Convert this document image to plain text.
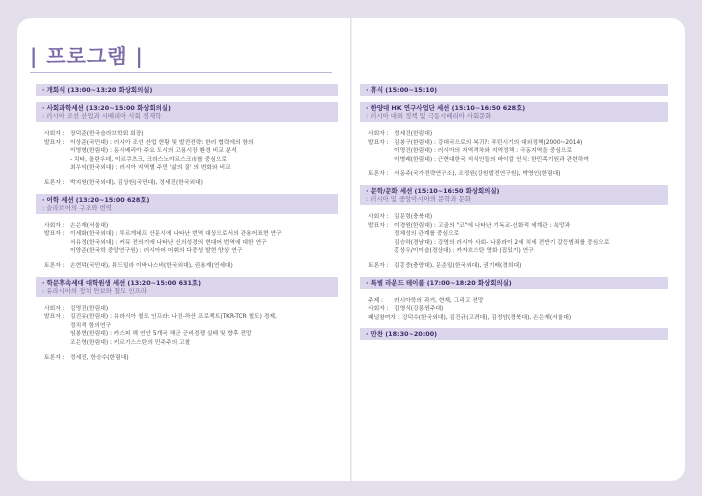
| 프로그램 |
· 개회식 (13:00~13:20 화상회의실)
· 사회과학세션 (13:20~15:00 화상회의실)
: 러시아 조선 산업과 시베리아 사회 경제학
사회자 : 장덕준(한국슬라브학회 회장)
발표자 : 이상준(국민대) : 러시아 조선 산업 현황 및 발전전략: 한러 협력에의 함의
이영형(한림대) : 동시베리아 주요 도시의 고용시장 환경 비교 분석
- 치타, 울란우데, 이르쿠츠크, 크라스노야르스크市를 중심으로
최우익(한국외대) : 러시아 지역별 주민 '삶의 질' 의 변화와 비교
토론자 : 박지원(한국외대), 김상원(국민대), 정세진(한국외대)
· 어학 세션 (13:20~15:00 628호)
: 슬라브어의 구조와 번역
사회자 : 손은재(서울대)
발표자 : 이세화(한국외대) : 투르게네프 산문시에 나타난 번역 대상으로서의 관용어표현 연구
서유정(한국외대) : 커뮤 전의기에 나타난 신의성경의 현대어 번역에 대한 연구
이양준(한국학 중앙연구원) : 러시아어 어휘의 다중성 발현 양상 연구
토론자 : 손현덕(국민대), 류드밀라 이바나스비(한국외대), 권용재(연세대)
· 학문후속세대 대학원생 세션 (13:20~15:00 631호)
: 유라시아의 정치 안보와 철도 인프라
사회자 : 김영진(한림대)
발표자 : 김진유(한림대) : 유라시아 철도 인프라: 나진-하산 프로젝트(TKR-TCR 철도) 경제,
정치적 함의연구
임봉현(한림대) : 카스피 해 연안 5개국 해군 군비경쟁 실태 및 향후 전망
조은영(한림대) : 키르기스스탄의 민주주의 고찰
토론자 : 정세진, 한승수(한림대)
· 휴식 (15:00~15:10)
· 한양대 HK 연구사업단 세션 (15:10~16:50 628호)
: 러시아 대외 정책 및 극동시베리아 사회문화
사회자 : 정세진(한림대)
발표자 : 김봉구(한림대) : 강대국으로의 복귀?: 푸틴시기의 대외정책(2000~2014)
이영진(한림대) : 러시아의 지역격차와 지역정책 : 극동지역을 중심으로
이병래(한림대) : 근현대한국 지식인들의 바이칼 인식: 한민족기원과 관련하여
토론자 : 서동주(국가전략연구소), 조정원(강원발전연구원), 박영인(한림대)
· 문학/문화 세션 (15:10~16:50 화상회의실)
: 러시아 및 중앙아시아의 문학과 문화
사회자 : 김문령(충북대)
발표자 : 이경원(한림대) : 고골의 "코"에 나타난 기독교-신화적 세계관 : 욕망과
정체성의 관계를 중심으로
김승하(경남대) : 강영의 러시아 사회- 나롱라이 2세 치세 전반기 갈등범죄를 중심으로
홍상우/이이슬(경상대) : 카자흐스탄 영화 (집있기) 연구
토론자 : 김홍중(충양대), 문준일(한국외대), 권기배(경희대)
· 특별 라운드 테이블 (17:00~18:20 화상회의실)
주제 :	러시아학의 과거, 현재, 그리고 전망
사회자 : 김영식(강릉원주대)
패널참여자 : 강덕수(한국외대), 김진규(고려대), 김정암(경북대), 손은재(서울대)
· 만찬 (18:30~20:00)
